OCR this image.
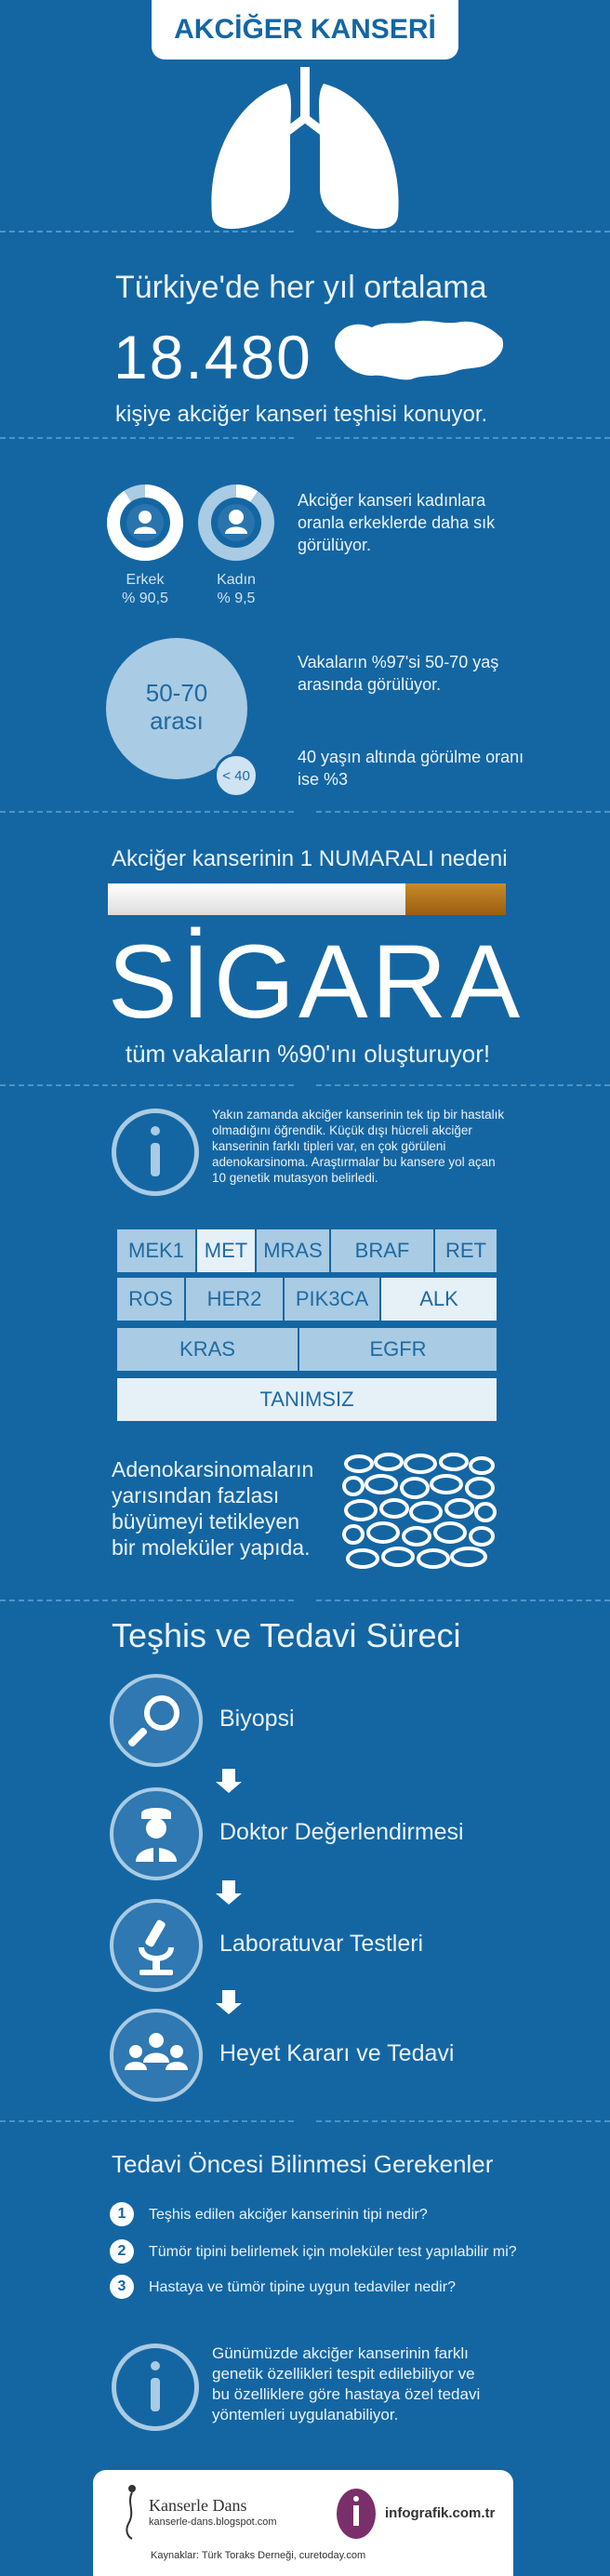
AKCİĞER KANSERİ
Türkiye'de her yıl ortalama
18.480
kişiye akciğer kanseri teşhisi konuyor.
Erkek
% 90,5
Kadın
% 9,5
Akciğer kanseri kadınlara oranla erkeklerde daha sık görülüyor.
50-70
arası
< 40
Vakaların %97'si 50-70 yaş arasında görülüyor.
40 yaşın altında görülme oranı ise %3
Akciğer kanserinin 1 NUMARALI nedeni
SİGARA
tüm vakaların %90'ını oluşturuyor!
Yakın zamanda akciğer kanserinin tek tip bir hastalık olmadığını öğrendik. Küçük dışı hücreli akciğer kanserinin farklı tipleri var, en çok görüleni adenokarsinoma. Araştırmalar bu kansere yol açan 10 genetik mutasyon belirledi.
MEK1 MET MRAS	BRAF	RET
ROS	HER2	PIK3CA	ALK
KRAS	EGFR
TANIMSIZ
Adenokarsinomaların yarısından fazlası büyümeyi tetikleyen bir moleküler yapıda.
Teşhis ve Tedavi Süreci
Biyopsi
Doktor Değerlendirmesi
Laboratuvar Testleri
Heyet Kararı ve Tedavi
Tedavi Öncesi Bilinmesi Gerekenler
1	Teşhis edilen akciğer kanserinin tipi nedir?
2	Tümör tipini belirlemek için moleküler test yapılabilir mi?
3	Hastaya ve tümör tipine uygun tedaviler nedir?
Günümüzde akciğer kanserinin farklı genetik özellikleri tespit edilebiliyor ve bu özelliklere göre hastaya özel tedavi yöntemleri uygulanabiliyor.
Kanserle Dans
kanserle-dans.blogspot.com
infografik.com.tr
Kaynaklar: Türk Toraks Derneği, curetoday.com
